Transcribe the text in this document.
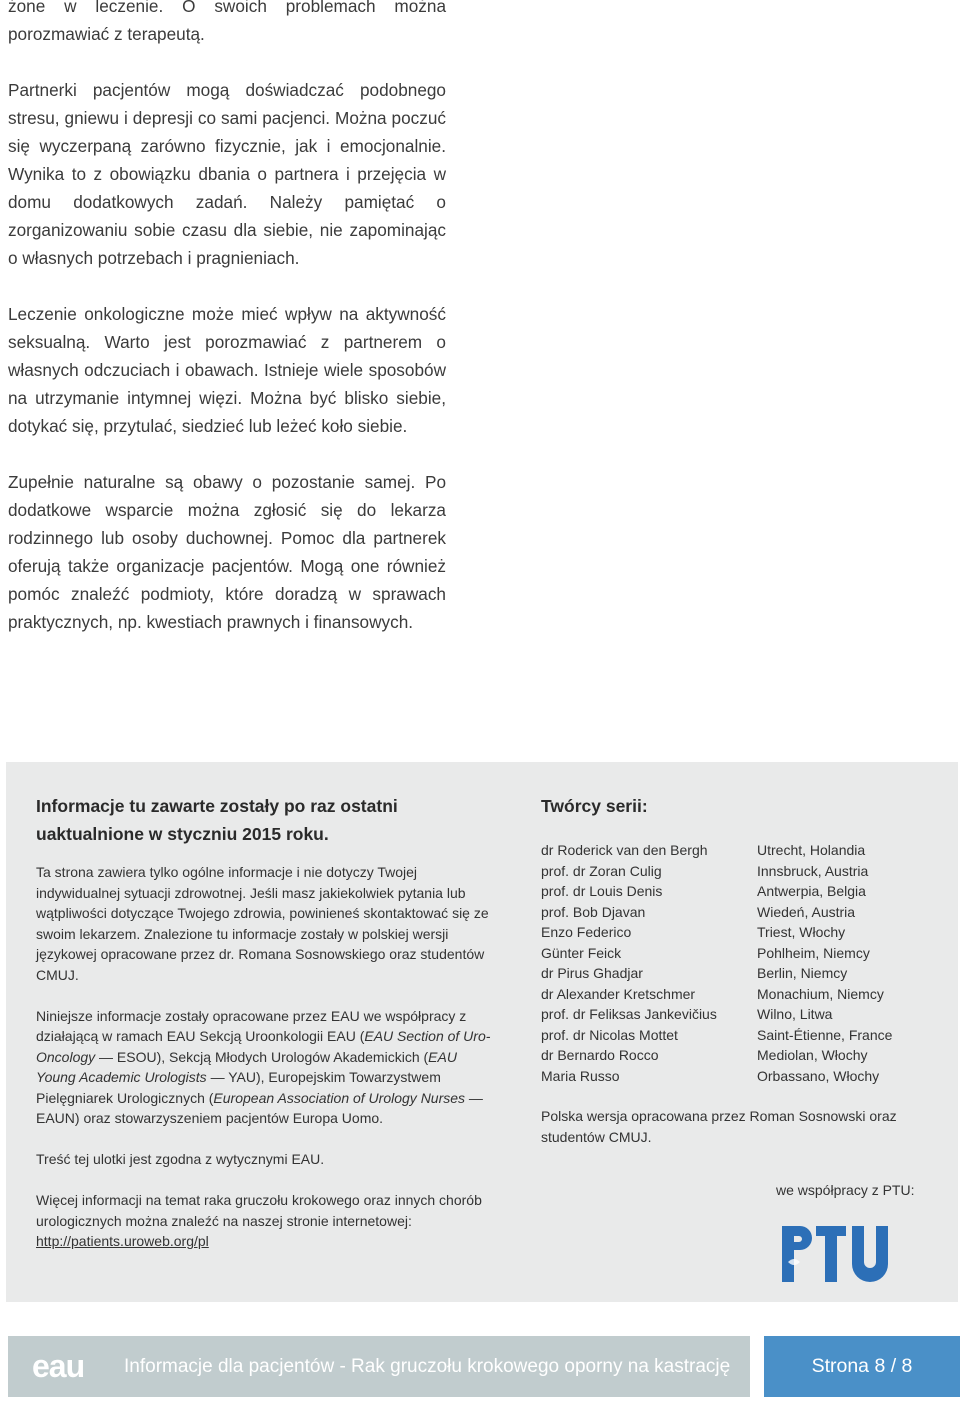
żone w leczenie. O swoich problemach można porozmawiać z terapeutą.

Partnerki pacjentów mogą doświadczać podobnego stresu, gniewu i depresji co sami pacjenci. Można poczuć się wyczerpaną zarówno fizycznie, jak i emocjonalnie. Wynika to z obowiązku dbania o partnera i przejęcia w domu dodatkowych zadań. Należy pamiętać o zorganizowaniu sobie czasu dla siebie, nie zapominając o własnych potrzebach i pragnieniach.

Leczenie onkologiczne może mieć wpływ na aktywność seksualną. Warto jest porozmawiać z partnerem o własnych odczuciach i obawach. Istnieje wiele sposobów na utrzymanie intymnej więzi. Można być blisko siebie, dotykać się, przytulać, siedzieć lub leżeć koło siebie.

Zupełnie naturalne są obawy o pozostanie samej. Po dodatkowe wsparcie można zgłosić się do lekarza rodzinnego lub osoby duchownej. Pomoc dla partnerek oferują także organizacje pacjentów. Mogą one również pomóc znaleźć podmioty, które doradzą w sprawach praktycznych, np. kwestiach prawnych i finansowych.

Informacje tu zawarte zostały po raz ostatni uaktualnione w styczniu 2015 roku.
Ta strona zawiera tylko ogólne informacje i nie dotyczy Twojej indywidualnej sytuacji zdrowotnej. Jeśli masz jakiekolwiek pytania lub wątpliwości dotyczące Twojego zdrowia, powinieneś skontaktować się ze swoim lekarzem. Znalezione tu informacje zostały w polskiej wersji językowej opracowane przez dr. Romana Sosnowskiego oraz studentów CMUJ.
Niniejsze informacje zostały opracowane przez EAU we współpracy z działającą w ramach EAU Sekcją Uroonkologii EAU (EAU Section of Uro-Oncology — ESOU), Sekcją Młodych Urologów Akademickich (EAU Young Academic Urologists — YAU), Europejskim Towarzystwem Pielęgniarek Urologicznych (European Association of Urology Nurses — EAUN) oraz stowarzyszeniem pacjentów Europa Uomo.
Treść tej ulotki jest zgodna z wytycznymi EAU.
Więcej informacji na temat raka gruczołu krokowego oraz innych chorób urologicznych można znaleźć na naszej stronie internetowej: http://patients.uroweb.org/pl
Twórcy serii:
dr Roderick van den Bergh	Utrecht, Holandia
prof. dr Zoran Culig	Innsbruck, Austria
prof. dr Louis Denis	Antwerpia, Belgia
prof. Bob Djavan	Wiedeń, Austria
Enzo Federico	Triest, Włochy
Günter Feick	Pohlheim, Niemcy
dr Pirus Ghadjar	Berlin, Niemcy
dr Alexander Kretschmer	Monachium, Niemcy
prof. dr Feliksas Jankevičius	Wilno, Litwa
prof. dr Nicolas Mottet	Saint-Étienne, France
dr Bernardo Rocco	Mediolan, Włochy
Maria Russo	Orbassano, Włochy
Polska wersja opracowana przez Roman Sosnowski oraz studentów CMUJ.
we współpracy z PTU:
PTU
eau Informacje dla pacjentów - Rak gruczołu krokowego oporny na kastrację	Strona 8 / 8
